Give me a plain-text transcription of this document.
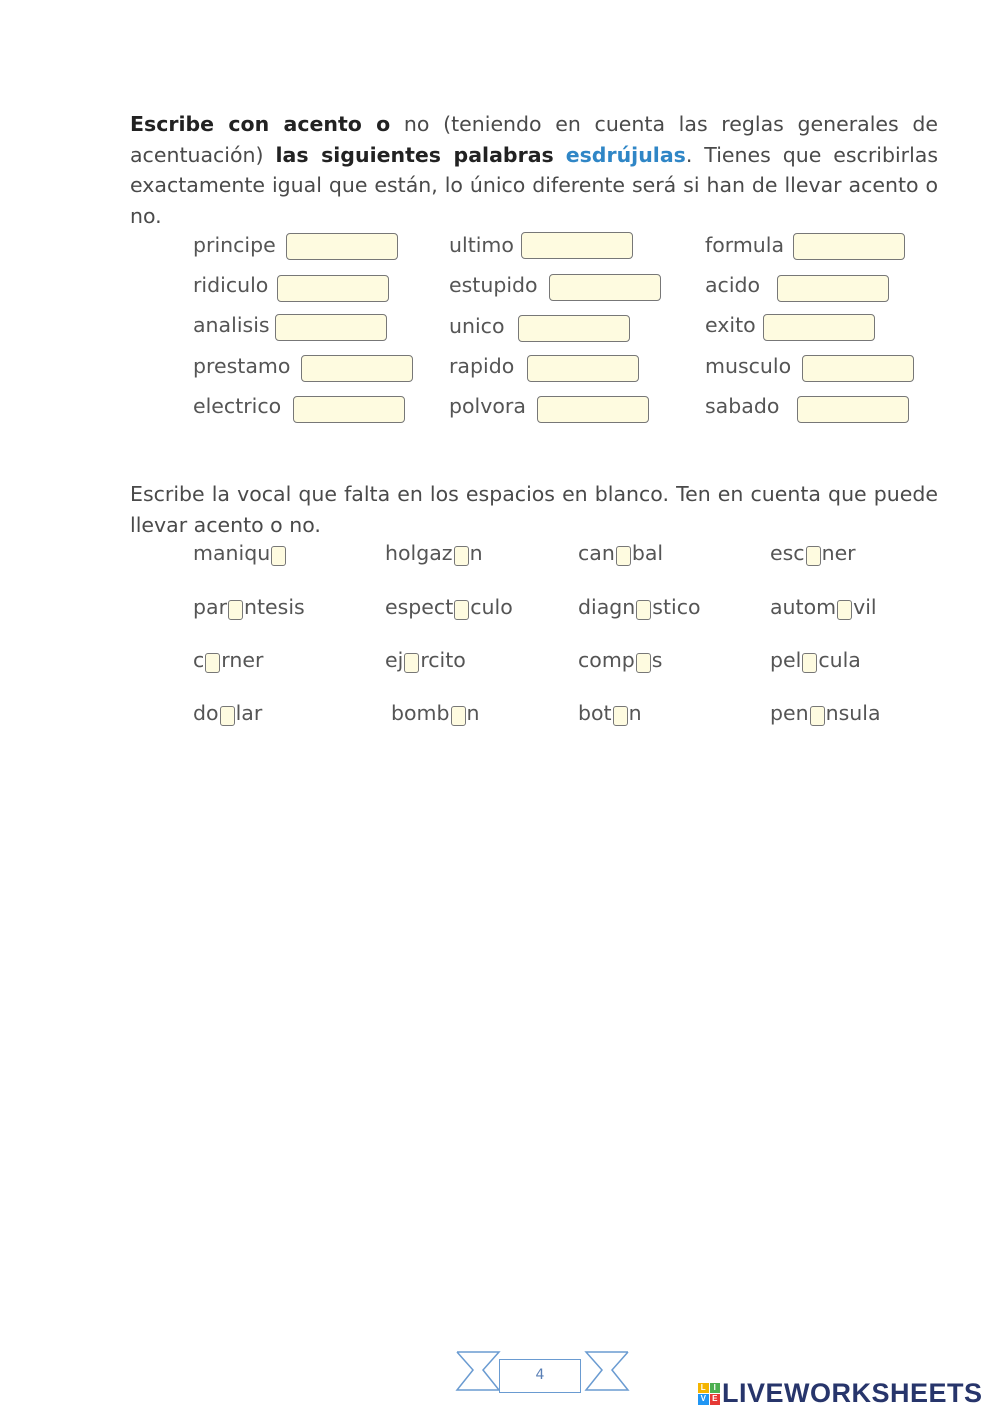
Escribe con acento o no (teniendo en cuenta las reglas generales de acentuación) las siguientes palabras esdrújulas. Tienes que escribirlas exactamente igual que están, lo único diferente será si han de llevar acento o no.
principe	ultimo	formula
ridiculo	estupido	acido
analisis	unico	exito
prestamo	rapido	musculo
electrico	polvora	sabado
Escribe la vocal que falta en los espacios en blanco. Ten en cuenta que puede llevar acento o no.
maniqu	holgaz n	can bal	esc ner
par ntesis	espect culo	diagn stico	autom vil
c rner	ej rcito	comp s	pel cula
do lar	bomb n	bot n	pen nsula
4
L I
V E LIVEWORKSHEETS
